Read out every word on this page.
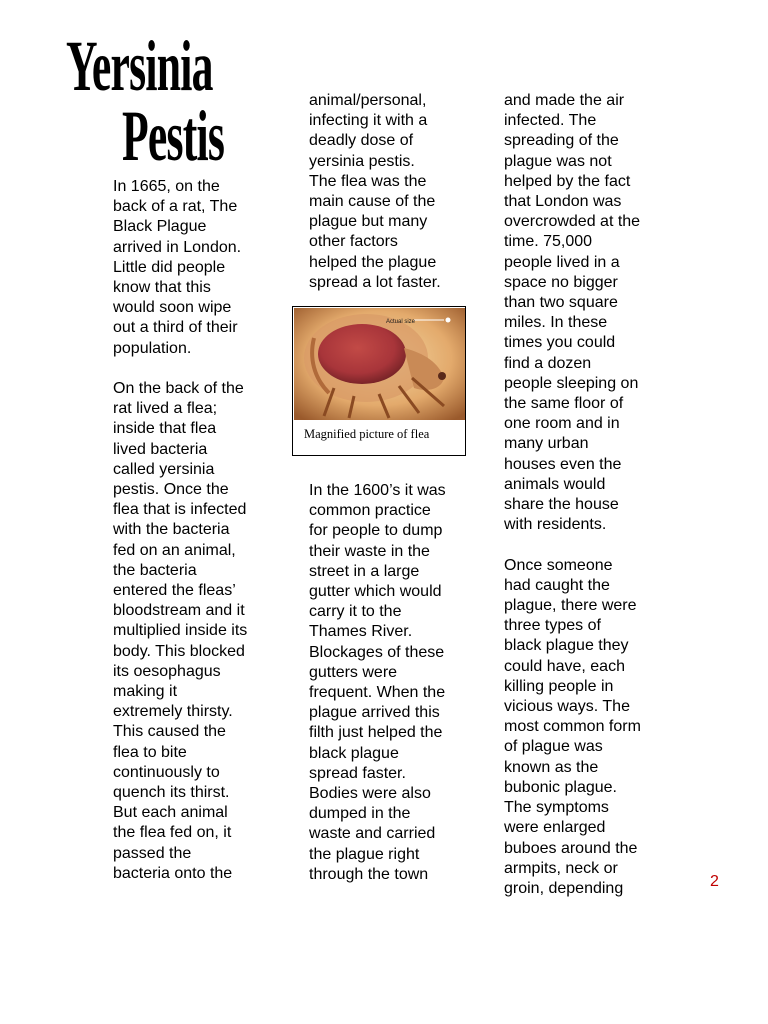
Yersinia
Pestis

In 1665, on the
back of a rat, The
Black Plague
arrived in London.
Little did people
know that this
would soon wipe
out a third of their
population.

On the back of the
rat lived a flea;
inside that flea
lived bacteria
called yersinia
pestis. Once the
flea that is infected
with the bacteria
fed on an animal,
the bacteria
entered the fleas’
bloodstream and it
multiplied inside its
body. This blocked
its oesophagus
making it
extremely thirsty.
This caused the
flea to bite
continuously to
quench its thirst.
But each animal
the flea fed on, it
passed the
bacteria onto the

animal/personal,
infecting it with a
deadly dose of
yersinia pestis.
The flea was the
main cause of the
plague but many
other factors
helped the plague
spread a lot faster.

Actual size
Magnified picture of flea

In the 1600’s it was
common practice
for people to dump
their waste in the
street in a large
gutter which would
carry it to the
Thames River.
Blockages of these
gutters were
frequent. When the
plague arrived this
filth just helped the
black plague
spread faster.
Bodies were also
dumped in the
waste and carried
the plague right
through the town

and made the air
infected. The
spreading of the
plague was not
helped by the fact
that London was
overcrowded at the
time. 75,000
people lived in a
space no bigger
than two square
miles. In these
times you could
find a dozen
people sleeping on
the same floor of
one room and in
many urban
houses even the
animals would
share the house
with residents.

Once someone
had caught the
plague, there were
three types of
black plague they
could have, each
killing people in
vicious ways. The
most common form
of plague was
known as the
bubonic plague.
The symptoms
were enlarged
buboes around the
armpits, neck or
groin, depending	2
